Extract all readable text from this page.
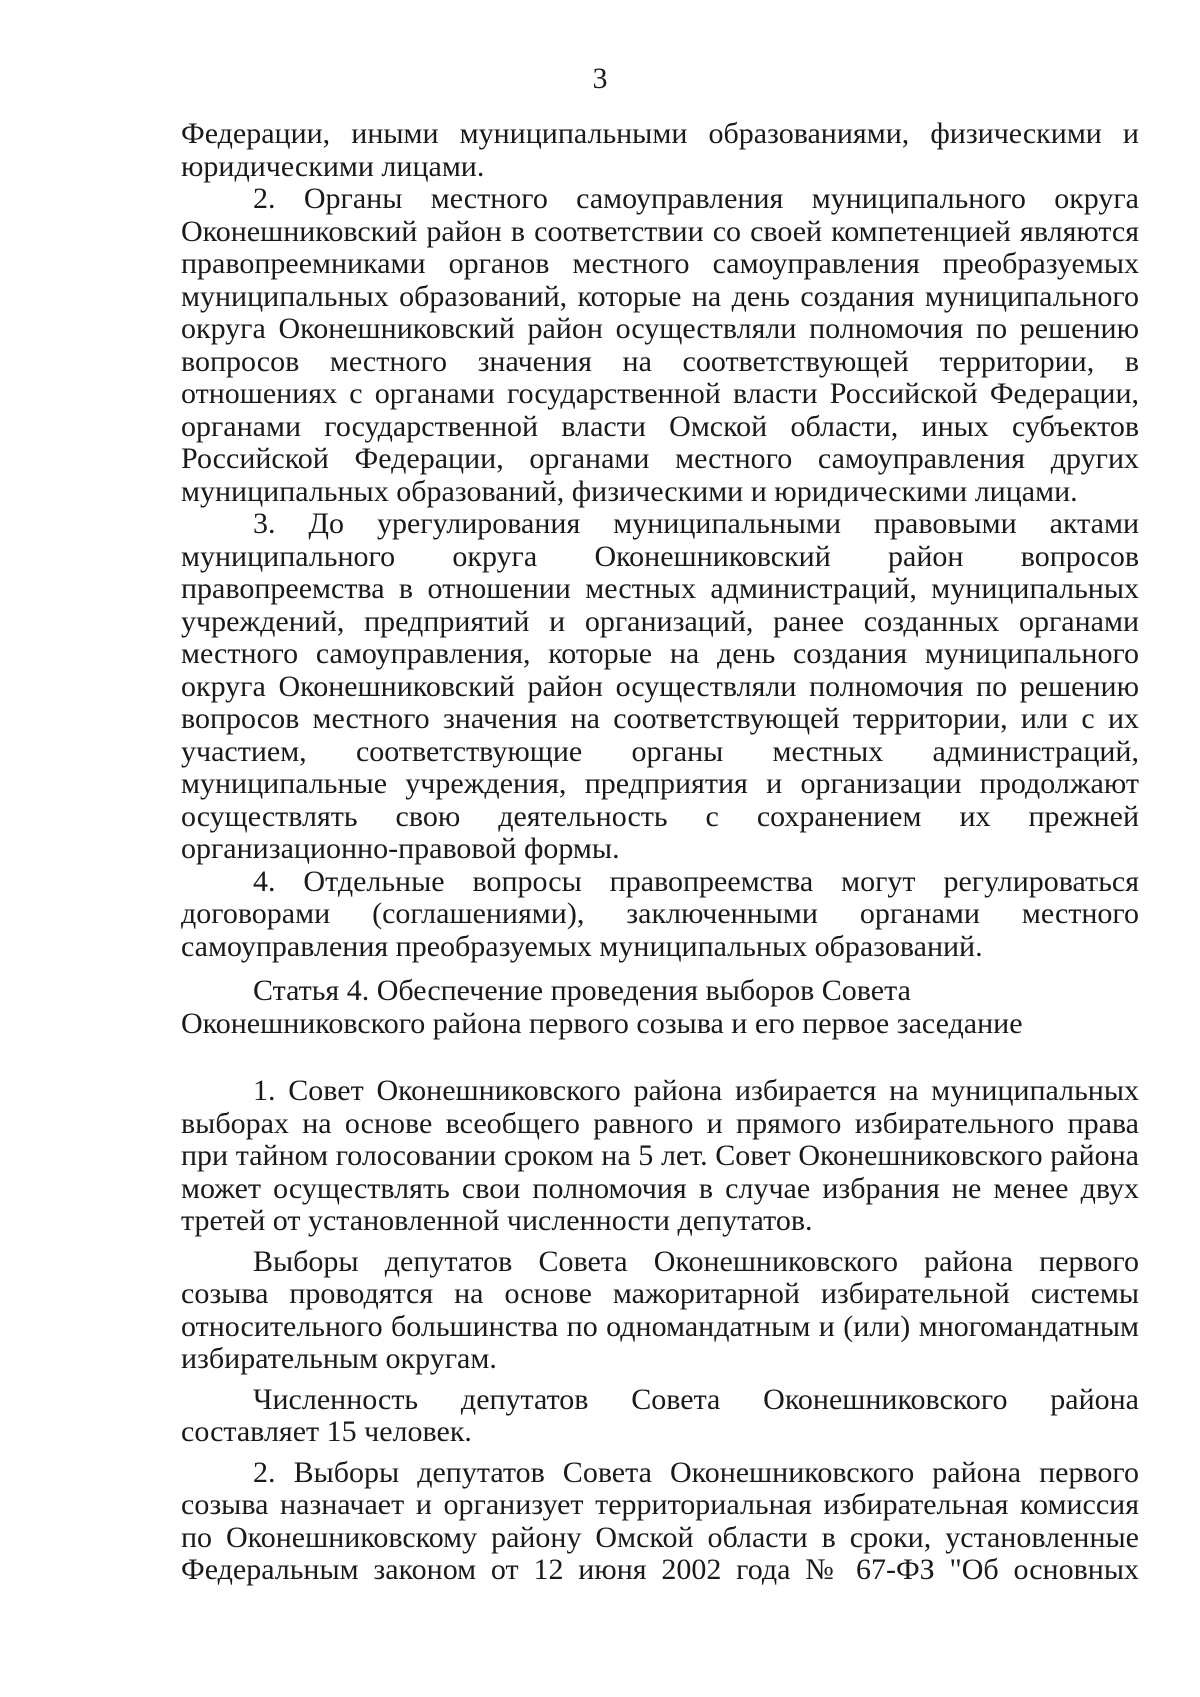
3

Федерации, иными муниципальными образованиями, физическими и юридическими лицами.

2. Органы местного самоуправления муниципального округа Оконешниковский район в соответствии со своей компетенцией являются правопреемниками органов местного самоуправления преобразуемых муниципальных образований, которые на день создания муниципального округа Оконешниковский район осуществляли полномочия по решению вопросов местного значения на соответствующей территории, в отношениях с органами государственной власти Российской Федерации, органами государственной власти Омской области, иных субъектов Российской Федерации, органами местного самоуправления других муниципальных образований, физическими и юридическими лицами.

3. До урегулирования муниципальными правовыми актами муниципального округа Оконешниковский район вопросов правопреемства в отношении местных администраций, муниципальных учреждений, предприятий и организаций, ранее созданных органами местного самоуправления, которые на день создания муниципального округа Оконешниковский район осуществляли полномочия по решению вопросов местного значения на соответствующей территории, или с их участием, соответствующие органы местных администраций, муниципальные учреждения, предприятия и организации продолжают осуществлять свою деятельность с сохранением их прежней организационно-правовой формы.

4. Отдельные вопросы правопреемства могут регулироваться договорами (соглашениями), заключенными органами местного самоуправления преобразуемых муниципальных образований.

Статья 4. Обеспечение проведения выборов Совета Оконешниковского района первого созыва и его первое заседание

1. Совет Оконешниковского района избирается на муниципальных выборах на основе всеобщего равного и прямого избирательного права при тайном голосовании сроком на 5 лет. Совет Оконешниковского района может осуществлять свои полномочия в случае избрания не менее двух третей от установленной численности депутатов.

Выборы депутатов Совета Оконешниковского района первого созыва проводятся на основе мажоритарной избирательной системы относительного большинства по одномандатным и (или) многомандатным избирательным округам.

Численность депутатов Совета Оконешниковского района составляет 15 человек.

2. Выборы депутатов Совета Оконешниковского района первого созыва назначает и организует территориальная избирательная комиссия по Оконешниковскому району Омской области в сроки, установленные Федеральным законом от 12 июня 2002 года № 67-ФЗ "Об основных
